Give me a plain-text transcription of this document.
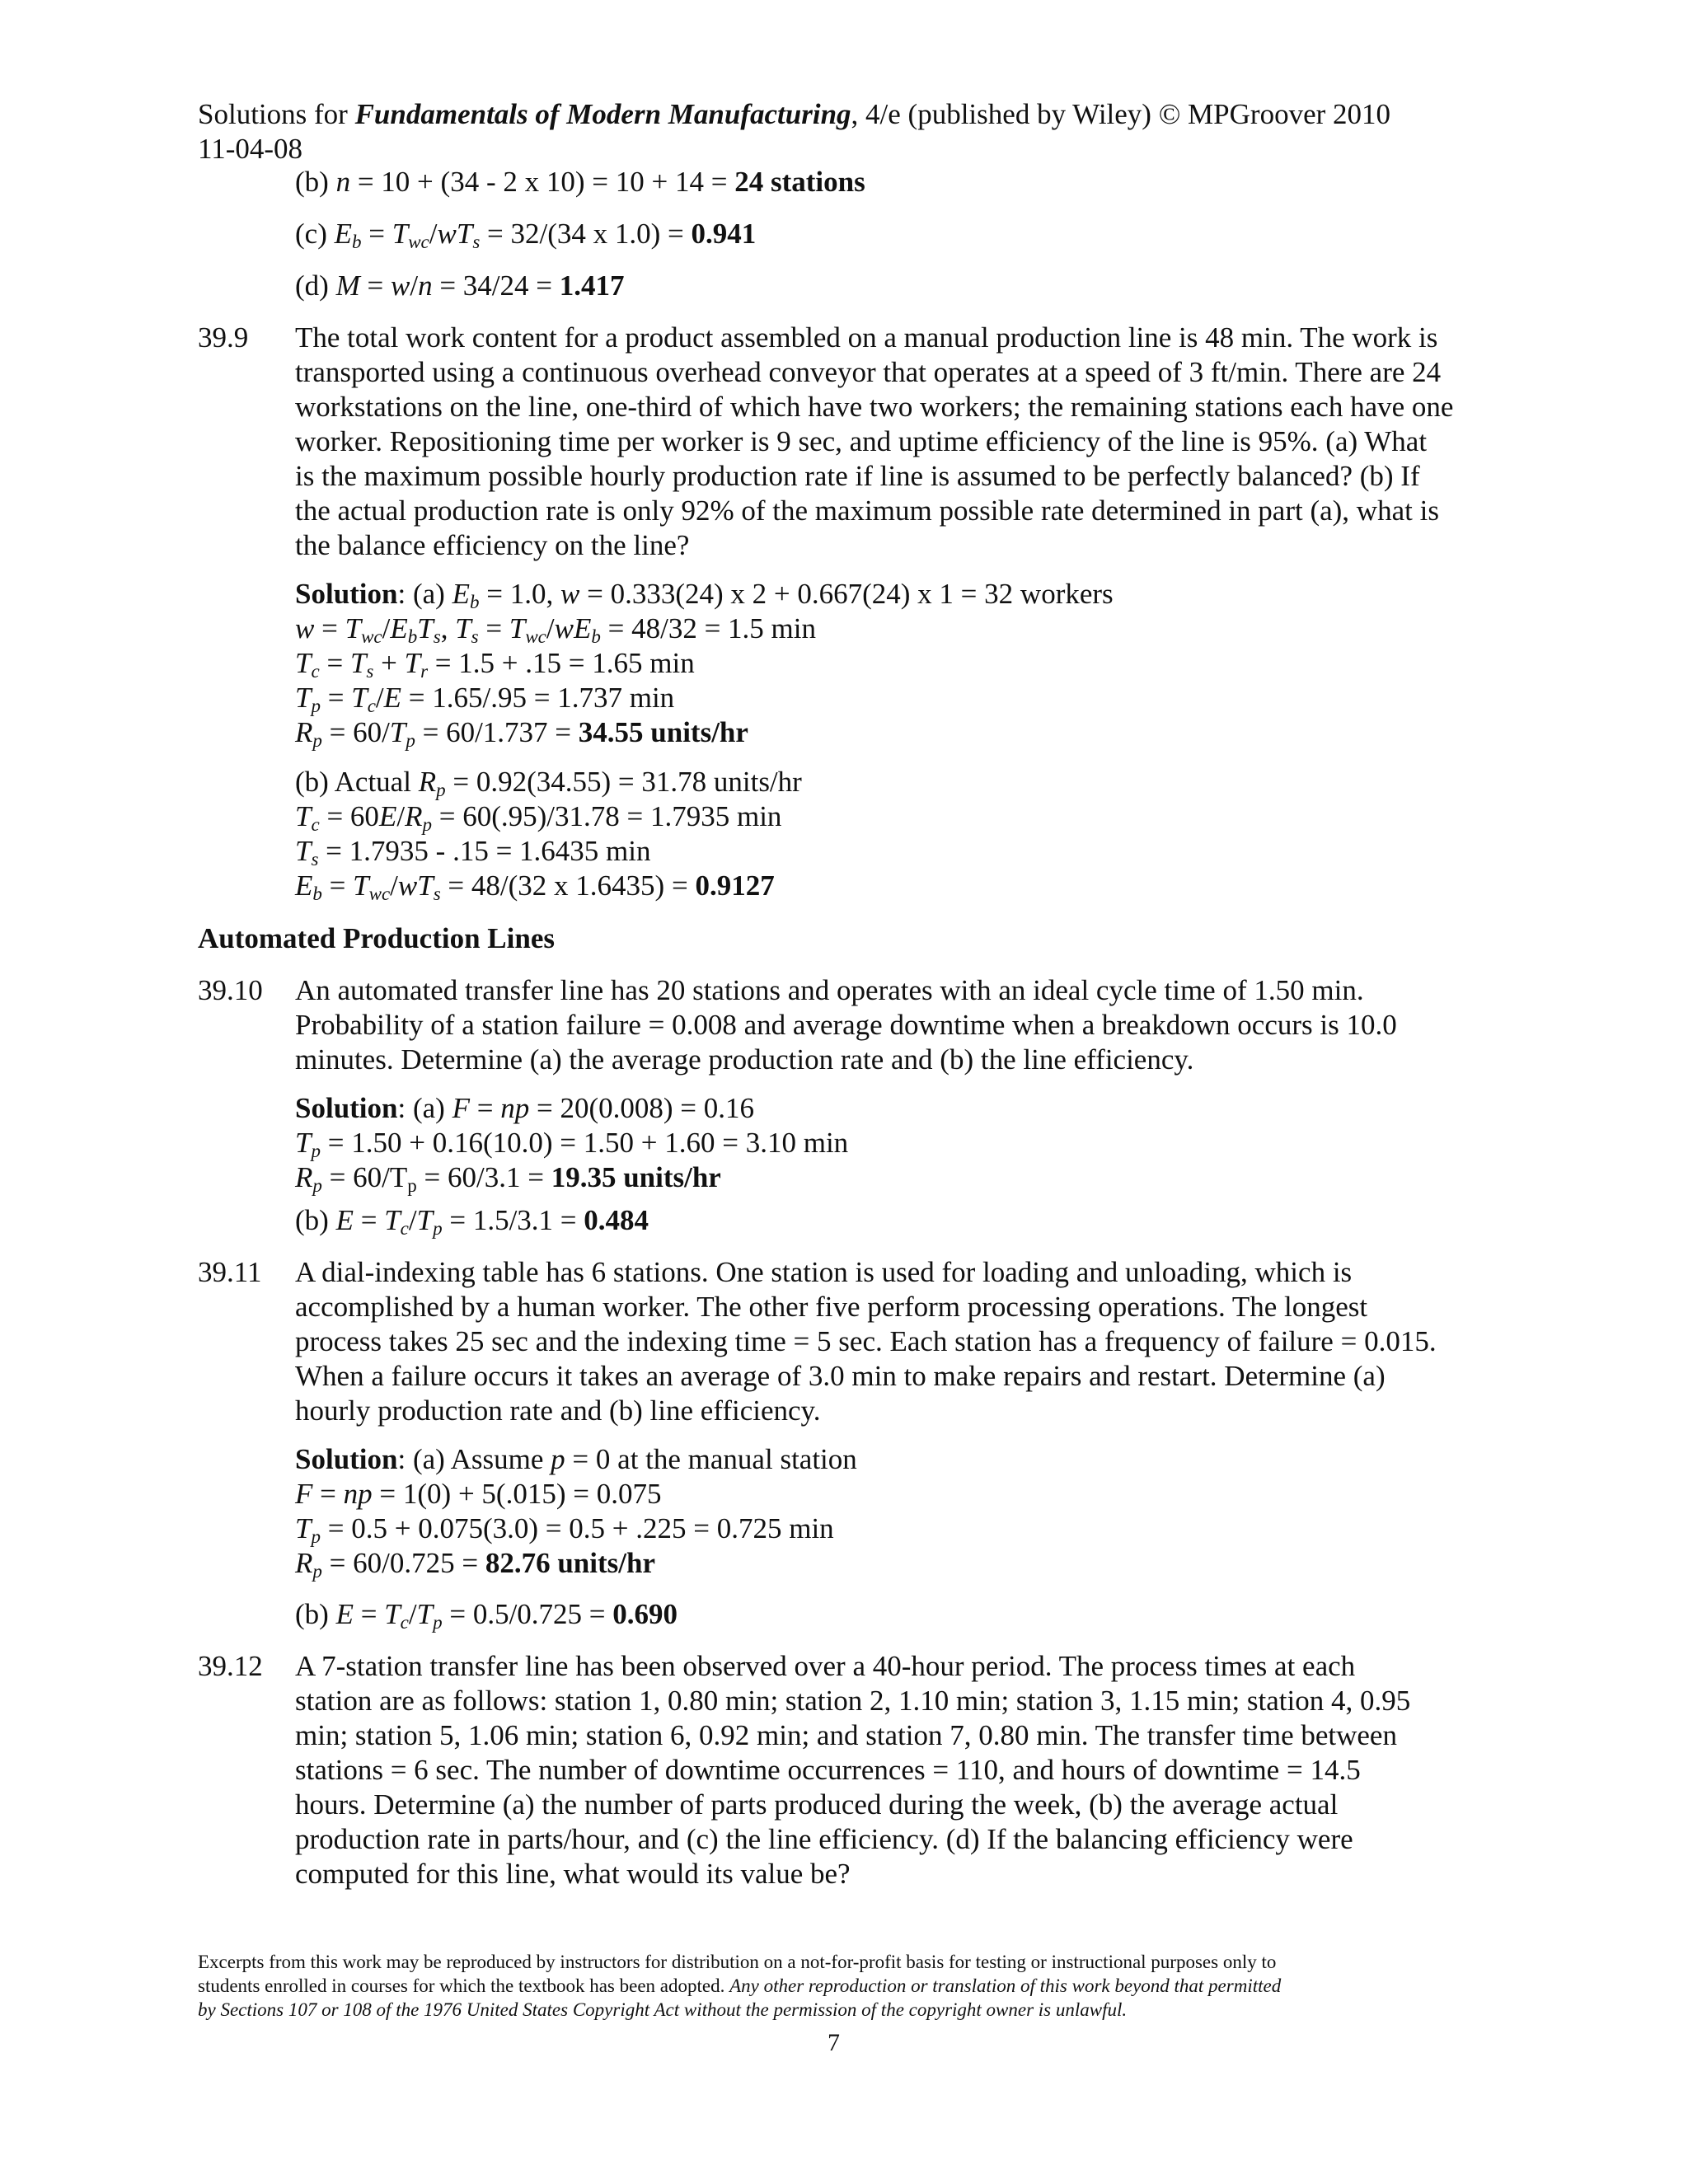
Solutions for Fundamentals of Modern Manufacturing, 4/e (published by Wiley) © MPGroover 2010
11-04-08
(b) n = 10 + (34 - 2 x 10) = 10 + 14 = 24 stations
(c) $E_b = T_{wc}/wT_s = 32/(34$ x 1.0) = 0.941
(d) M = w/n = 34/24 = 1.417
39.9 The total work content for a product assembled on a manual production line is 48 min. The work is
transported using a continuous overhead conveyor that operates at a speed of 3 ft/min. There are 24
workstations on the line, one-third of which have two workers; the remaining stations each have one
worker. Repositioning time per worker is 9 sec, and uptime efficiency of the line is 95%. (a) What
is the maximum possible hourly production rate if line is assumed to be perfectly balanced? (b) If
the actual production rate is only 92% of the maximum possible rate determined in part (a), what is
the balance efficiency on the line?
Solution: (a) $E_b = 1.0$, w = 0.333(24) x 2 + 0.667(24) x 1 = 32 workers
$w = T_{wc}/E_bT_s$, $T_s = T_{wc}/wE_b = 48/32 = 1.5$ min
$T_c = T_s + T_r = 1.5 + .15 = 1.65$ min
$T_p = T_c/E = 1.65/.95 = 1.737$ min
$R_p = 60/T_p = 60/1.737 = 34.55$ units/hr
(b) Actual $R_p = 0.92(34.55) = 31.78$ units/hr
$T_c = 60E/R_p = 60(.95)/31.78 = 1.7935$ min
$T_s = 1.7935 - .15 = 1.6435$ min
$E_b = T_{wc}/wT_s = 48/(32$ x 1.6435) = 0.9127
Automated Production Lines
39.10 An automated transfer line has 20 stations and operates with an ideal cycle time of 1.50 min.
Probability of a station failure = 0.008 and average downtime when a breakdown occurs is 10.0
minutes. Determine (a) the average production rate and (b) the line efficiency.
Solution: (a) F = np = 20(0.008) = 0.16
$T_p = 1.50 + 0.16(10.0) = 1.50 + 1.60 = 3.10$ min
$R_p = 60/T_p = 60/3.1 = 19.35$ units/hr
(b) $E = T_c/T_p = 1.5/3.1 = 0.484$
39.11 A dial-indexing table has 6 stations. One station is used for loading and unloading, which is
accomplished by a human worker. The other five perform processing operations. The longest
process takes 25 sec and the indexing time = 5 sec. Each station has a frequency of failure = 0.015.
When a failure occurs it takes an average of 3.0 min to make repairs and restart. Determine (a)
hourly production rate and (b) line efficiency.
Solution: (a) Assume p = 0 at the manual station
F = np = 1(0) + 5(.015) = 0.075
$T_p = 0.5 + 0.075(3.0) = 0.5 + .225 = 0.725$ min
$R_p = 60/0.725 = 82.76$ units/hr
(b) $E = T_c/T_p = 0.5/0.725 = 0.690$
39.12 A 7-station transfer line has been observed over a 40-hour period. The process times at each
station are as follows: station 1, 0.80 min; station 2, 1.10 min; station 3, 1.15 min; station 4, 0.95
min; station 5, 1.06 min; station 6, 0.92 min; and station 7, 0.80 min. The transfer time between
stations = 6 sec. The number of downtime occurrences = 110, and hours of downtime = 14.5
hours. Determine (a) the number of parts produced during the week, (b) the average actual
production rate in parts/hour, and (c) the line efficiency. (d) If the balancing efficiency were
computed for this line, what would its value be?
Excerpts from this work may be reproduced by instructors for distribution on a not-for-profit basis for testing or instructional purposes only to
students enrolled in courses for which the textbook has been adopted. Any other reproduction or translation of this work beyond that permitted
by Sections 107 or 108 of the 1976 United States Copyright Act without the permission of the copyright owner is unlawful.
7
